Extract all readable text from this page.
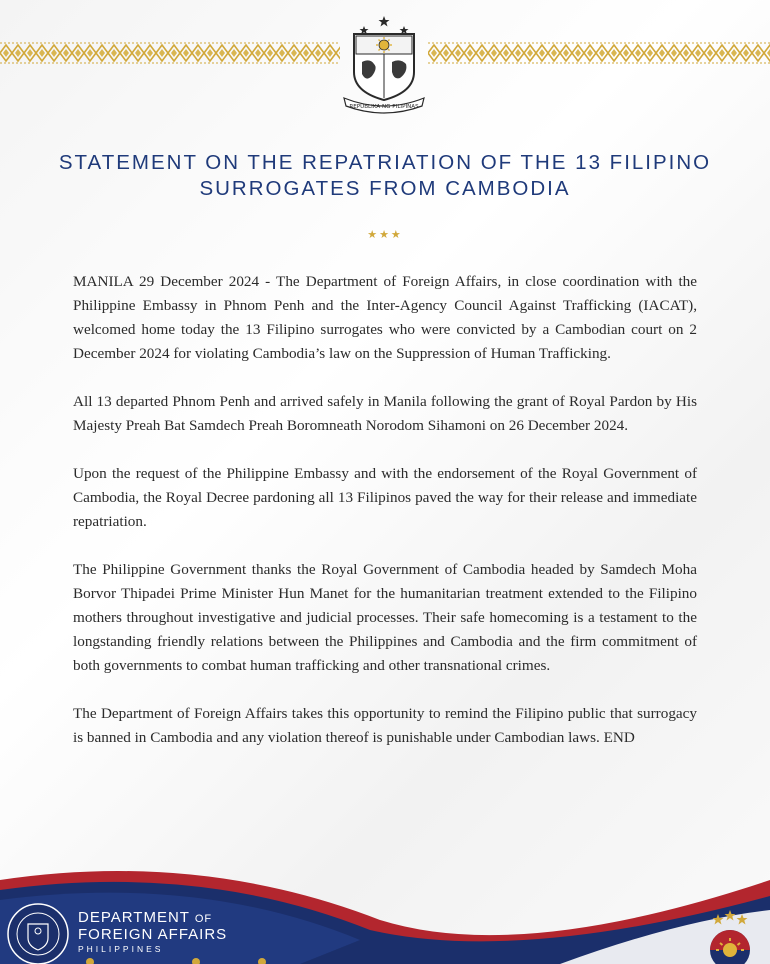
REPUBLIKA NG PILIPINAS
STATEMENT ON THE REPATRIATION OF THE 13 FILIPINO
SURROGATES FROM CAMBODIA
★★★

MANILA 29 December 2024 - The Department of Foreign Affairs, in close coordination with the Philippine Embassy in Phnom Penh and the Inter-Agency Council Against Trafficking (IACAT), welcomed home today the 13 Filipino surrogates who were convicted by a Cambodian court on 2 December 2024 for violating Cambodia’s law on the Suppression of Human Trafficking.

All 13 departed Phnom Penh and arrived safely in Manila following the grant of Royal Pardon by His Majesty Preah Bat Samdech Preah Boromneath Norodom Sihamoni on 26 December 2024.

Upon the request of the Philippine Embassy and with the endorsement of the Royal Government of Cambodia, the Royal Decree pardoning all 13 Filipinos paved the way for their release and immediate repatriation.

The Philippine Government thanks the Royal Government of Cambodia headed by Samdech Moha Borvor Thipadei Prime Minister Hun Manet for the humanitarian treatment extended to the Filipino mothers throughout investigative and judicial processes. Their safe homecoming is a testament to the longstanding friendly relations between the Philippines and Cambodia and the firm commitment of both governments to combat human trafficking and other transnational crimes.

The Department of Foreign Affairs takes this opportunity to remind the Filipino public that surrogacy is banned in Cambodia and any violation thereof is punishable under Cambodian laws. END

DEPARTMENT OF
FOREIGN AFFAIRS
PHILIPPINES
